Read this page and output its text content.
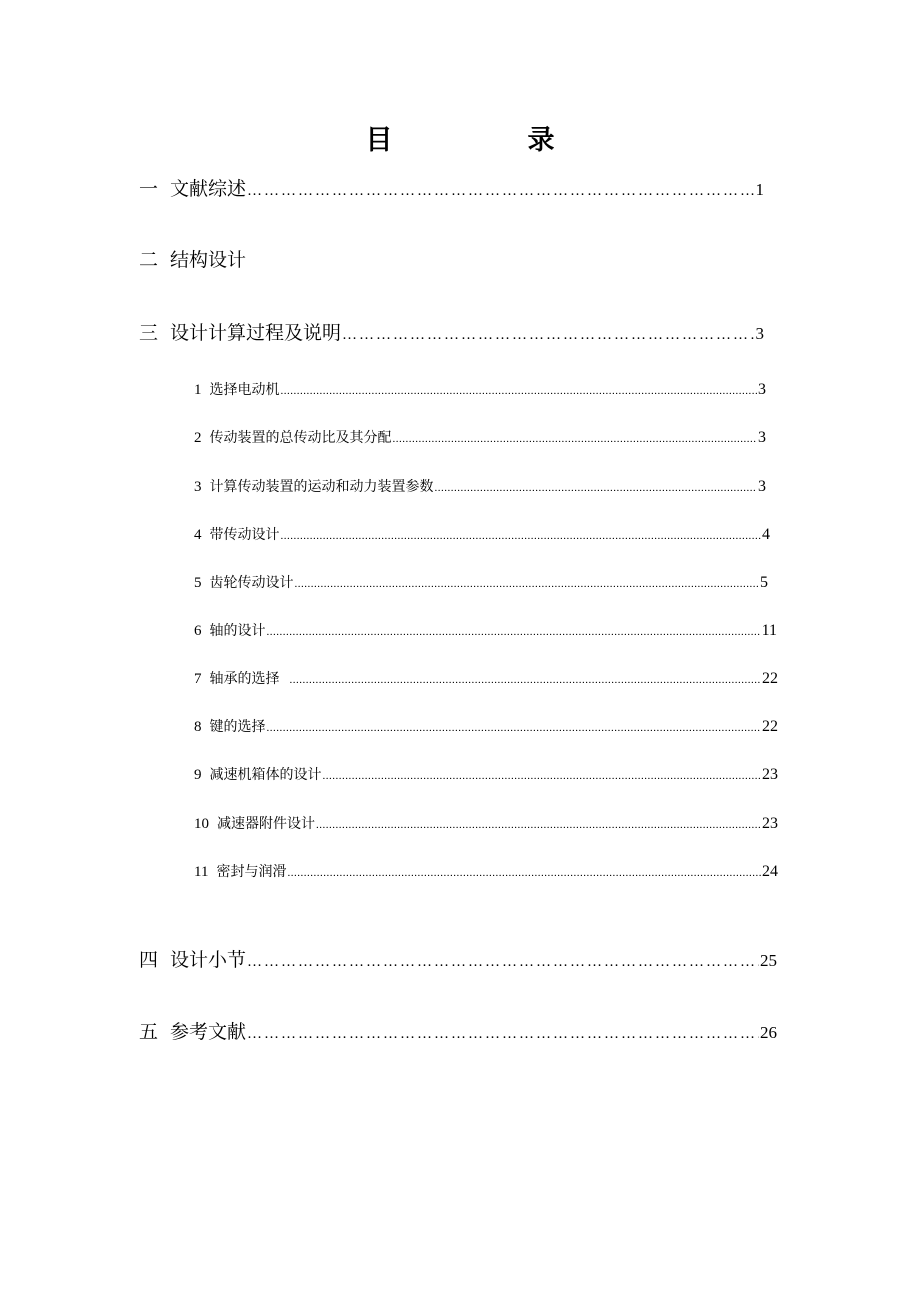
目　录
一 文献综述 ……………………………………………………………………………………………………………………………………………………………………………………………………………………	1
二 结构设计
三 设计计算过程及说明 ……………………………………………………………………………………………………………………………………………………………………………………………………………………	3
1 选择电动机 .....	3
2 传动装置的总传动比及其分配 .....	3
3 计算传动装置的运动和动力装置参数 .....	3
4 带传动设计 .....	4
5 齿轮传动设计 .....	5
6 轴的设计 .....	11
7 轴承的选择 .....	22
8 键的选择 .....	22
9 减速机箱体的设计 .....	23
10 减速器附件设计 .....	23
11 密封与润滑 .....	24
四 设计小节 ……………………………………………………………………………………………………………………………………………………………………………………………………………………	25
五 参考文献 ……………………………………………………………………………………………………………………………………………………………………………………………………………………	26
